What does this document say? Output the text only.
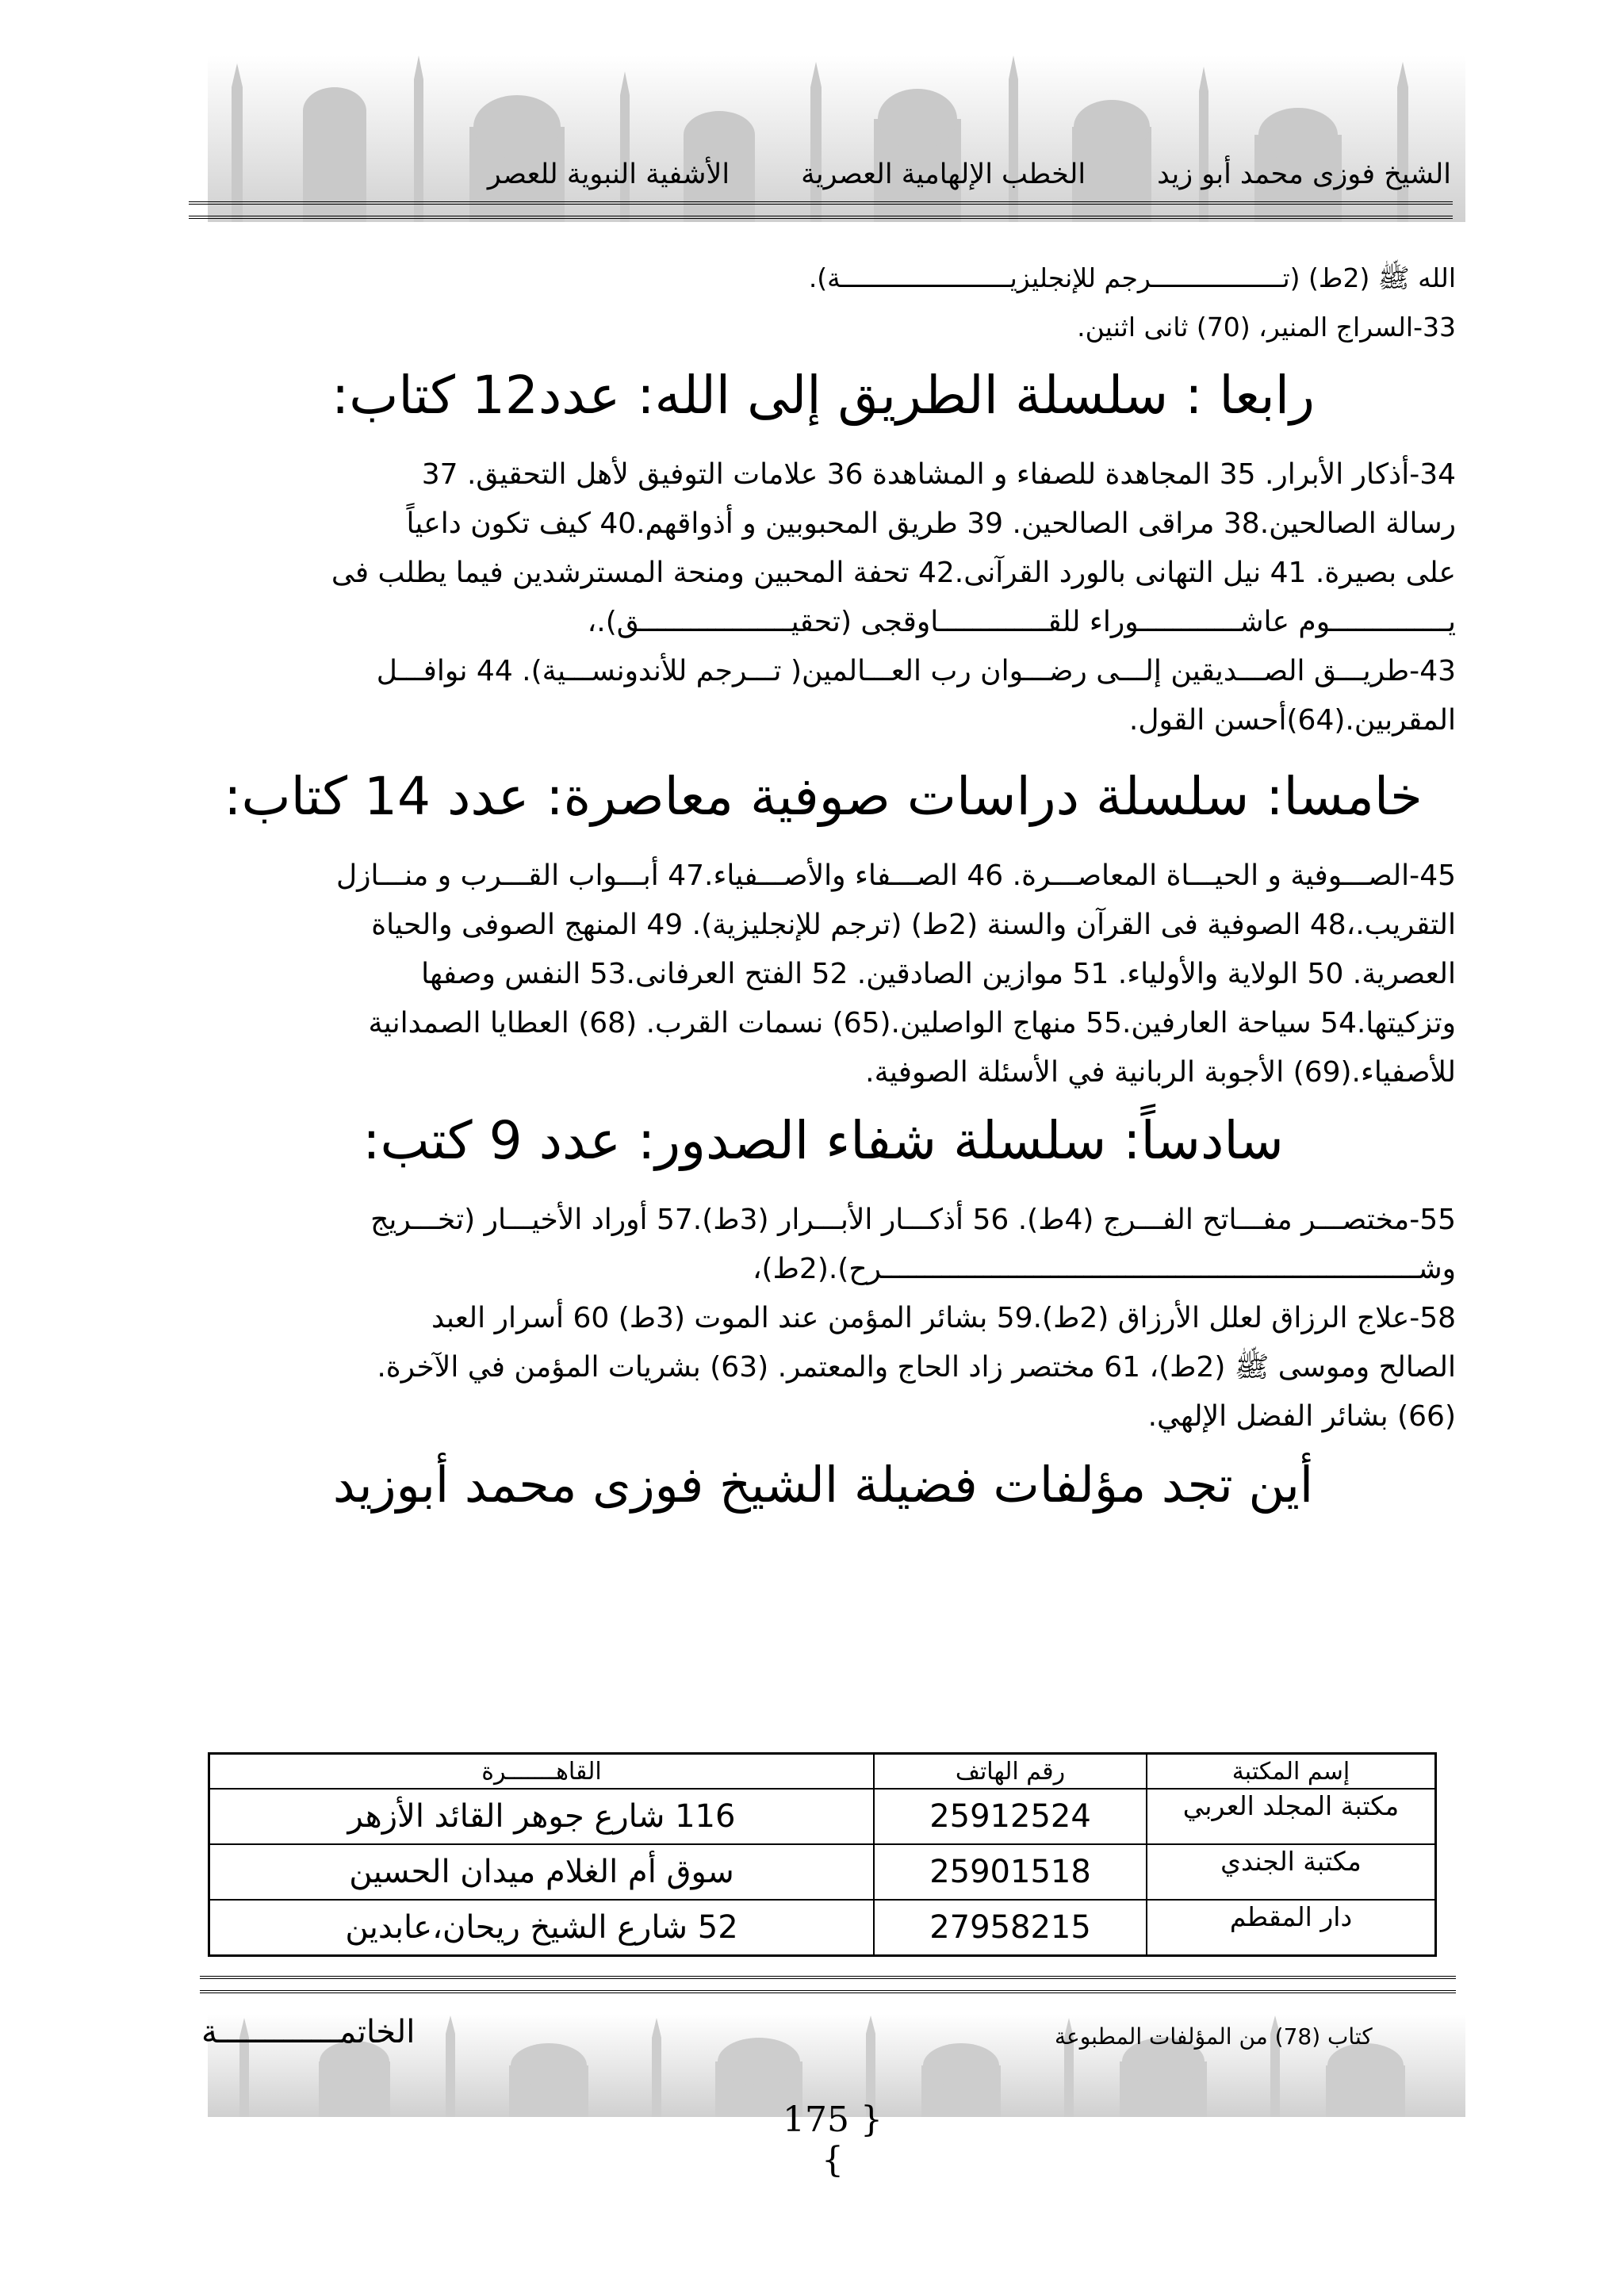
الشيخ فوزى محمد أبو زيد
الخطب الإلهامية العصرية
الأشفية النبوية للعصر

الله ﷺ (2ط) (تـــــــــــــــــرجم للإنجليزيــــــــــــــــــــــة).

33-السراج المنير، (70) ثانى اثنين.

رابعا : سلسلة الطريق إلى الله: عدد12 كتاب:

34-أذكار الأبرار. 35 المجاهدة للصفاء و المشاهدة 36 علامات التوفيق لأهل التحقيق. 37

رسالة الصالحين.38 مراقى الصالحين. 39 طريق المحبوبين و أذواقهم.40 كيف تكون داعياً

على بصيرة. 41 نيل التهانى بالورد القرآنى.42 تحفة المحبين ومنحة المسترشدين فيما يطلب فى

يــــــــــــــوم عاشــــــــــــوراء للقـــــــــــــاوقجى (تحقيــــــــــــــــــق).،

43-طريـــق الصـــديقين إلـــى رضـــوان رب العـــالمين( تـــرجم للأندونســـية). 44 نوافـــل

المقربين.(64)أحسن القول.

خامسا: سلسلة دراسات صوفية معاصرة: عدد 14 كتاب:

45-الصـــوفية و الحيـــاة المعاصـــرة. 46 الصـــفاء والأصـــفياء.47 أبـــواب القـــرب و منـــازل

التقريب.،48 الصوفية فى القرآن والسنة (2ط) (ترجم للإنجليزية). 49 المنهج الصوفى والحياة

العصرية. 50 الولاية والأولياء. 51 موازين الصادقين. 52 الفتح العرفانى.53 النفس وصفها

وتزكيتها.54 سياحة العارفين.55 منهاج الواصلين.(65) نسمات القرب. (68) العطايا الصمدانية

للأصفياء.(69) الأجوبة الربانية في الأسئلة الصوفية.

سادساً: سلسلة شفاء الصدور: عدد 9 كتب:

55-مختصـــر مفـــاتح الفـــرج (4ط). 56 أذكـــار الأبـــرار (3ط).57 أوراد الأخيـــار (تخـــريج

وشــــــــــــــــــــــــــــــــــــــــــــــــــــــــــــــــرح).(2ط)،

58-علاج الرزاق لعلل الأرزاق (2ط).59 بشائر المؤمن عند الموت (3ط) 60 أسرار العبد

الصالح وموسى ﷺ (2ط)، 61 مختصر زاد الحاج والمعتمر. (63) بشريات المؤمن في الآخرة.

(66) بشائر الفضل الإلهي.

أين تجد مؤلفات فضيلة الشيخ فوزى محمد أبوزيد
إسم المكتبة	رقم الهاتف	القاهـــــــرة
مكتبة المجلد العربي	25912524	116 شارع جوهر القائد الأزهر
مكتبة الجندي	25901518	سوق أم الغلام ميدان الحسين
دار المقطم	27958215	52 شارع الشيخ ريحان،عابدين
الخاتمـــــــــــــة	كتاب (78) من المؤلفات المطبوعة
{ 175 }
